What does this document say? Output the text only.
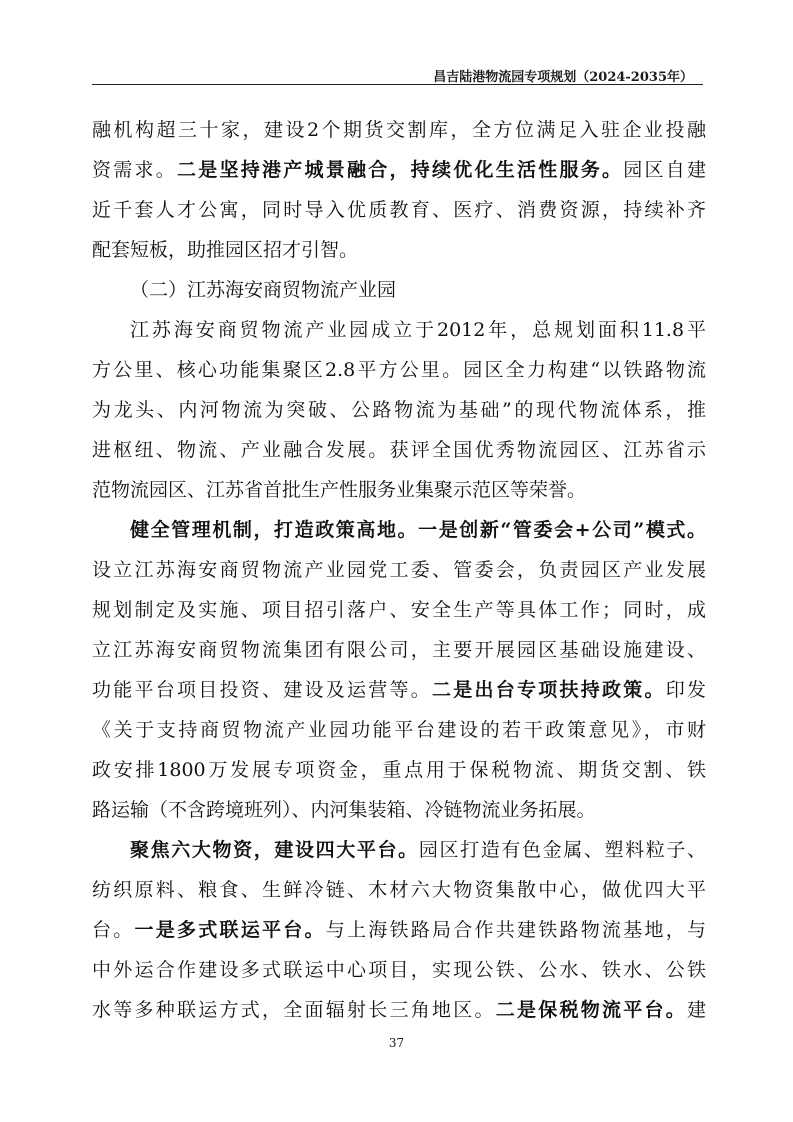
昌吉陆港物流园专项规划（2024-2035年）
融机构超三十家，建设2个期货交割库，全方位满足入驻企业投融
资需求。二是坚持港产城景融合，持续优化生活性服务。园区自建
近千套人才公寓，同时导入优质教育、医疗、消费资源，持续补齐
配套短板，助推园区招才引智。
（二）江苏海安商贸物流产业园
江苏海安商贸物流产业园成立于2012年，总规划面积11.8平
方公里、核心功能集聚区2.8平方公里。园区全力构建“以铁路物流
为龙头、内河物流为突破、公路物流为基础”的现代物流体系，推
进枢纽、物流、产业融合发展。获评全国优秀物流园区、江苏省示
范物流园区、江苏省首批生产性服务业集聚示范区等荣誉。
健全管理机制，打造政策高地。一是创新“管委会+公司”模式。
设立江苏海安商贸物流产业园党工委、管委会，负责园区产业发展
规划制定及实施、项目招引落户、安全生产等具体工作；同时，成
立江苏海安商贸物流集团有限公司，主要开展园区基础设施建设、
功能平台项目投资、建设及运营等。二是出台专项扶持政策。印发
《关于支持商贸物流产业园功能平台建设的若干政策意见》，市财
政安排1800万发展专项资金，重点用于保税物流、期货交割、铁
路运输（不含跨境班列）、内河集装箱、冷链物流业务拓展。
聚焦六大物资，建设四大平台。园区打造有色金属、塑料粒子、
纺织原料、粮食、生鲜冷链、木材六大物资集散中心，做优四大平
台。一是多式联运平台。与上海铁路局合作共建铁路物流基地，与
中外运合作建设多式联运中心项目，实现公铁、公水、铁水、公铁
水等多种联运方式，全面辐射长三角地区。二是保税物流平台。建
37
